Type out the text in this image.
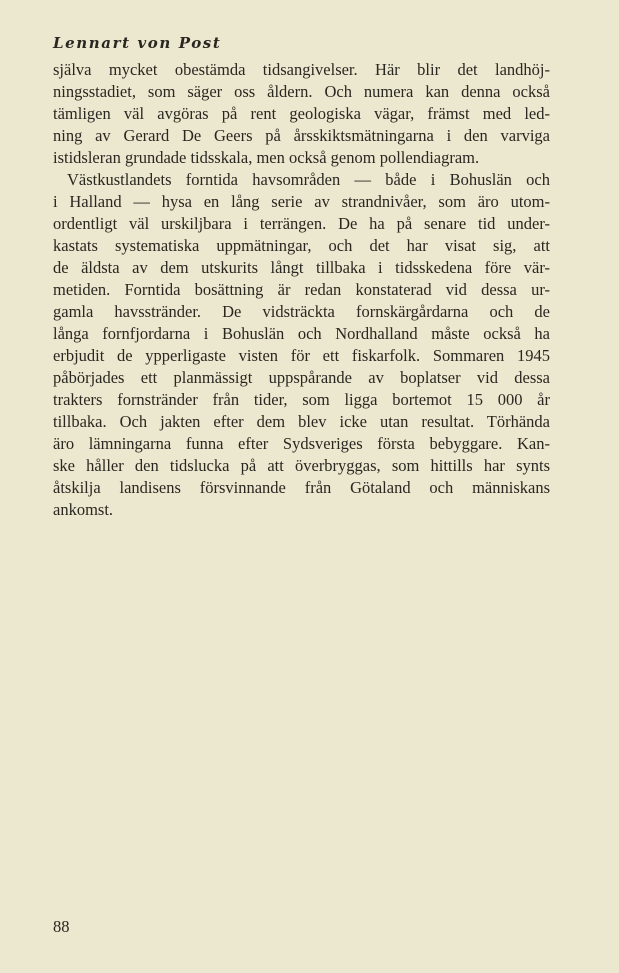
Lennart von Post
själva mycket obestämda tidsangivelser. Här blir det landhöj-
ningsstadiet, som säger oss åldern. Och numera kan denna också
tämligen väl avgöras på rent geologiska vägar, främst med led-
ning av Gerard De Geers på årsskiktsmätningarna i den varviga
istidsleran grundade tidsskala, men också genom pollendiagram.
Västkustlandets forntida havsområden — både i Bohuslän och
i Halland — hysa en lång serie av strandnivåer, som äro utom-
ordentligt väl urskiljbara i terrängen. De ha på senare tid under-
kastats systematiska uppmätningar, och det har visat sig, att
de äldsta av dem utskurits långt tillbaka i tidsskedena före vär-
metiden. Forntida bosättning är redan konstaterad vid dessa ur-
gamla havsstränder. De vidsträckta fornskärgårdarna och de
långa fornfjordarna i Bohuslän och Nordhalland måste också ha
erbjudit de ypperligaste visten för ett fiskarfolk. Sommaren 1945
påbörjades ett planmässigt uppspårande av boplatser vid dessa
trakters fornstränder från tider, som ligga bortemot 15 000 år
tillbaka. Och jakten efter dem blev icke utan resultat. Törhända
äro lämningarna funna efter Sydsveriges första bebyggare. Kan-
ske håller den tidslucka på att överbryggas, som hittills har synts
åtskilja landisens försvinnande från Götaland och människans
ankomst.
88
